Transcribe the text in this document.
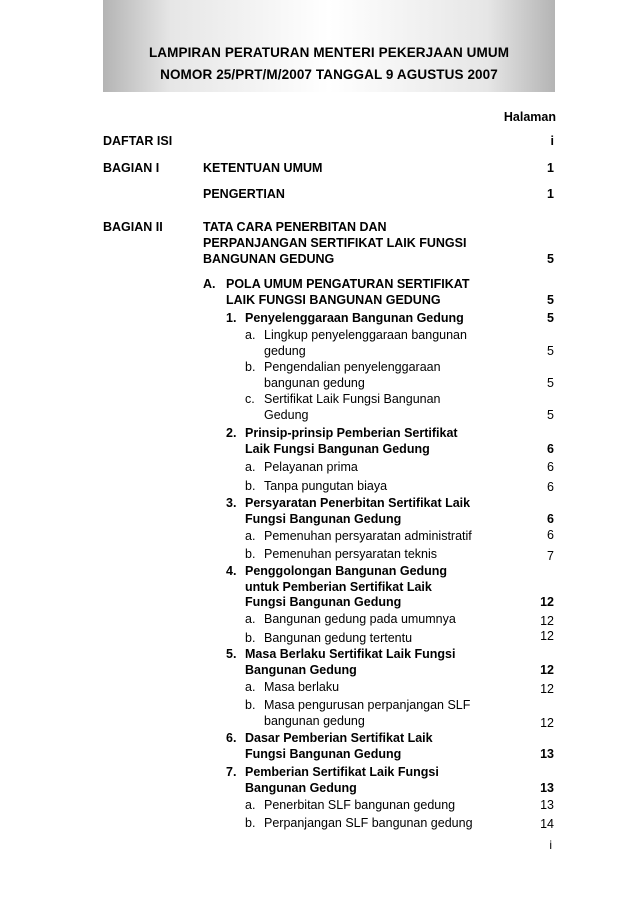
LAMPIRAN PERATURAN MENTERI PEKERJAAN UMUM
NOMOR 25/PRT/M/2007 TANGGAL 9 AGUSTUS 2007
Halaman
DAFTAR ISI	i
BAGIAN I	KETENTUAN UMUM	1
PENGERTIAN	1
BAGIAN II	TATA CARA PENERBITAN DAN
PERPANJANGAN SERTIFIKAT LAIK FUNGSI
BANGUNAN GEDUNG	5
A. POLA UMUM PENGATURAN SERTIFIKAT
LAIK FUNGSI BANGUNAN GEDUNG	5
1. Penyelenggaraan Bangunan Gedung	5
a. Lingkup penyelenggaraan bangunan
gedung	5
b. Pengendalian penyelenggaraan
bangunan gedung	5
c. Sertifikat Laik Fungsi Bangunan
Gedung	5
2. Prinsip-prinsip Pemberian Sertifikat
Laik Fungsi Bangunan Gedung	6
a. Pelayanan prima	6
b. Tanpa pungutan biaya	6
3. Persyaratan Penerbitan Sertifikat Laik
Fungsi Bangunan Gedung	6
a. Pemenuhan persyaratan administratif	6
b. Pemenuhan persyaratan teknis	7
4. Penggolongan Bangunan Gedung
untuk Pemberian Sertifikat Laik
Fungsi Bangunan Gedung	12
a. Bangunan gedung pada umumnya	12
b. Bangunan gedung tertentu	12
5. Masa Berlaku Sertifikat Laik Fungsi
Bangunan Gedung	12
a. Masa berlaku	12
b. Masa pengurusan perpanjangan SLF
bangunan gedung	12
6. Dasar Pemberian Sertifikat Laik
Fungsi Bangunan Gedung	13
7. Pemberian Sertifikat Laik Fungsi
Bangunan Gedung	13
a. Penerbitan SLF bangunan gedung	13
b. Perpanjangan SLF bangunan gedung	14
i
